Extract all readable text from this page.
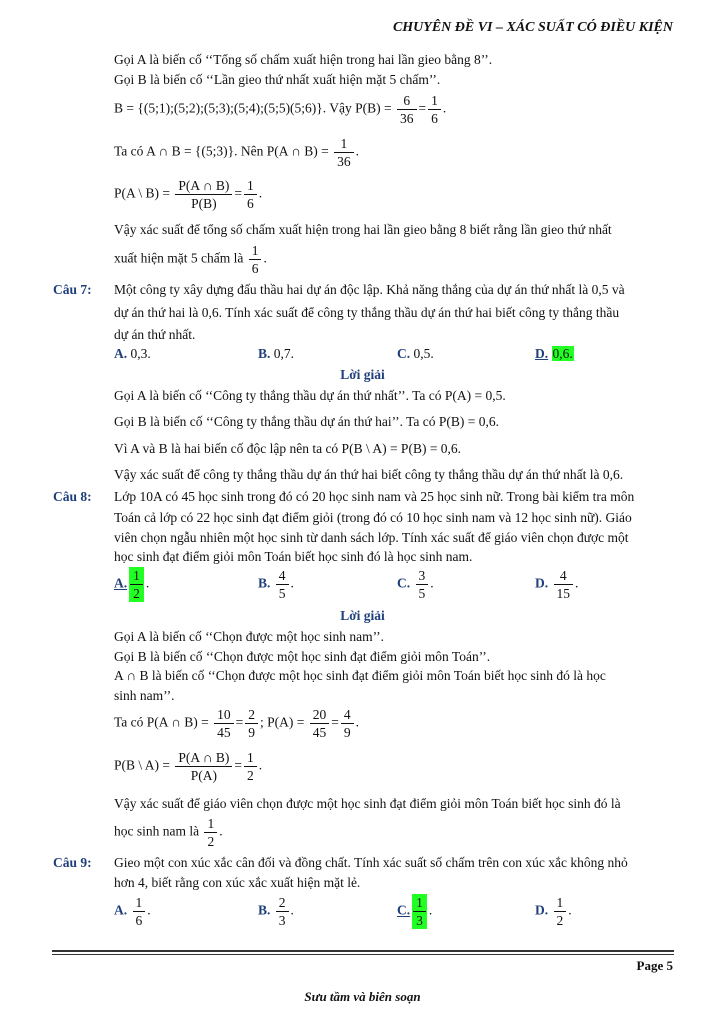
CHUYÊN ĐỀ VI – XÁC SUẤT CÓ ĐIỀU KIỆN
Gọi A là biến cố ‘‘Tổng số chấm xuất hiện trong hai lần gieo bằng 8’’.
Gọi B là biến cố ‘‘Lần gieo thứ nhất xuất hiện mặt 5 chấm’’.
B = {(5;1);(5;2);(5;3);(5;4);(5;5)(5;6)}. Vậy $P(B) = \frac{6}{36} = \frac{1}{6}$ .
Ta có A ∩ B = {(5;3)}. Nên P(A ∩ $B) = \frac{1}{36}$ .
P(A \ $B) = \frac{P(A \cap B)}{P(B)} = \frac{1}{6}$ .
Vậy xác suất để tổng số chấm xuất hiện trong hai lần gieo bằng 8 biết rằng lần gieo thứ nhất
xuất hiện mặt 5 chấm là $\frac{1}{6}$ .
Câu 7: Một công ty xây dựng đấu thầu hai dự án độc lập. Khả năng thắng của dự án thứ nhất là 0,5 và
dự án thứ hai là 0,6. Tính xác suất để công ty thắng thầu dự án thứ hai biết công ty thắng thầu
dự án thứ nhất.
A. 0,3.	B. 0,7.	C. 0,5.	D. 0,6.
Lời giải
Gọi A là biến cố ‘‘Công ty thắng thầu dự án thứ nhất’’. Ta có P(A) = 0,5.
Gọi B là biến cố ‘‘Công ty thắng thầu dự án thứ hai’’. Ta có P(B) = 0,6.
Vì A và B là hai biến cố độc lập nên ta có P(B \ A) = P(B) = 0,6.
Vậy xác suất để công ty thắng thầu dự án thứ hai biết công ty thắng thầu dự án thứ nhất là 0,6.
Câu 8: Lớp 10A có 45 học sinh trong đó có 20 học sinh nam và 25 học sinh nữ. Trong bài kiểm tra môn
Toán cả lớp có 22 học sinh đạt điểm giỏi (trong đó có 10 học sinh nam và 12 học sinh nữ). Giáo
viên chọn ngẫu nhiên một học sinh từ danh sách lớp. Tính xác suất để giáo viên chọn được một
học sinh đạt điểm giỏi môn Toán biết học sinh đó là học sinh nam.
A. $\frac{1}{2}$ .	B. $\frac{4}{5}$ .	C. $\frac{3}{5}$ .	D. $\frac{4}{15}$ .
Lời giải
Gọi A là biến cố ‘‘Chọn được một học sinh nam’’.
Gọi B là biến cố ‘‘Chọn được một học sinh đạt điểm giỏi môn Toán’’.
A ∩ B là biến cố ‘‘Chọn được một học sinh đạt điểm giỏi môn Toán biết học sinh đó là học
sinh nam’’.
Ta có P(A ∩ $B) = \frac{10}{45} = \frac{2}{9}$ ; $P(A) = \frac{20}{45} = \frac{4}{9}$ .
P(B \ $A) = \frac{P(A \cap B)}{P(A)} = \frac{1}{2}$ .
Vậy xác suất để giáo viên chọn được một học sinh đạt điểm giỏi môn Toán biết học sinh đó là
học sinh nam là $\frac{1}{2}$ .
Câu 9: Gieo một con xúc xắc cân đối và đồng chất. Tính xác suất số chấm trên con xúc xắc không nhỏ
hơn 4, biết rằng con xúc xắc xuất hiện mặt lẻ.
A. $\frac{1}{6}$ .	B. $\frac{2}{3}$ .	C. $\frac{1}{3}$ .	D. $\frac{1}{2}$ .
Page 5
Sưu tầm và biên soạn
